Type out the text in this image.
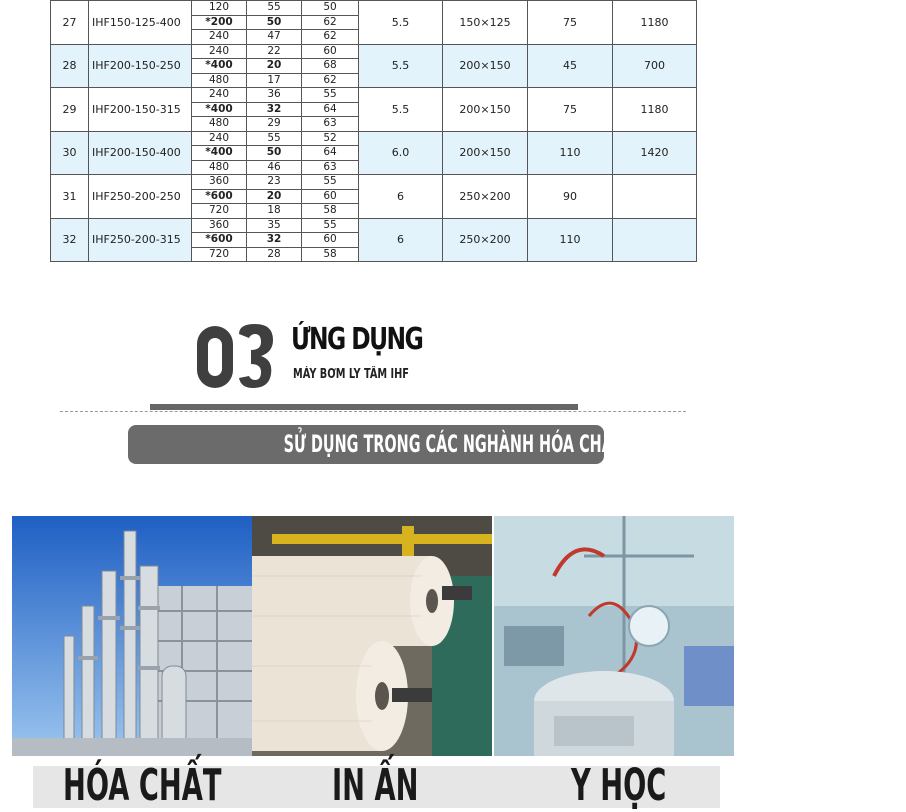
27	IHF150-125-400	120	55	50	5.5	150×125	75	1180
		*200	50	62				
		240	47	62				
28	IHF200-150-250	240	22	60	5.5	200×150	45	700
		*400	20	68				
		480	17	62				
29	IHF200-150-315	240	36	55	5.5	200×150	75	1180
		*400	32	64				
		480	29	63				
30	IHF200-150-400	240	55	52	6.0	200×150	110	1420
		*400	50	64				
		480	46	63				
31	IHF250-200-250	360	23	55	6	250×200	90	
		*600	20	60				
		720	18	58				
32	IHF250-200-315	360	35	55	6	250×200	110	
		*600	32	60				
		720	28	58				
ỨNG DỤNG
MÁY BƠM LY TÂM IHF
SỬ DỤNG TRONG CÁC NGHÀNH HÓA CHẤT, XI MẠ ĐIỆN, IN
HÓA CHẤT	IN ẤN	Y HỌC
